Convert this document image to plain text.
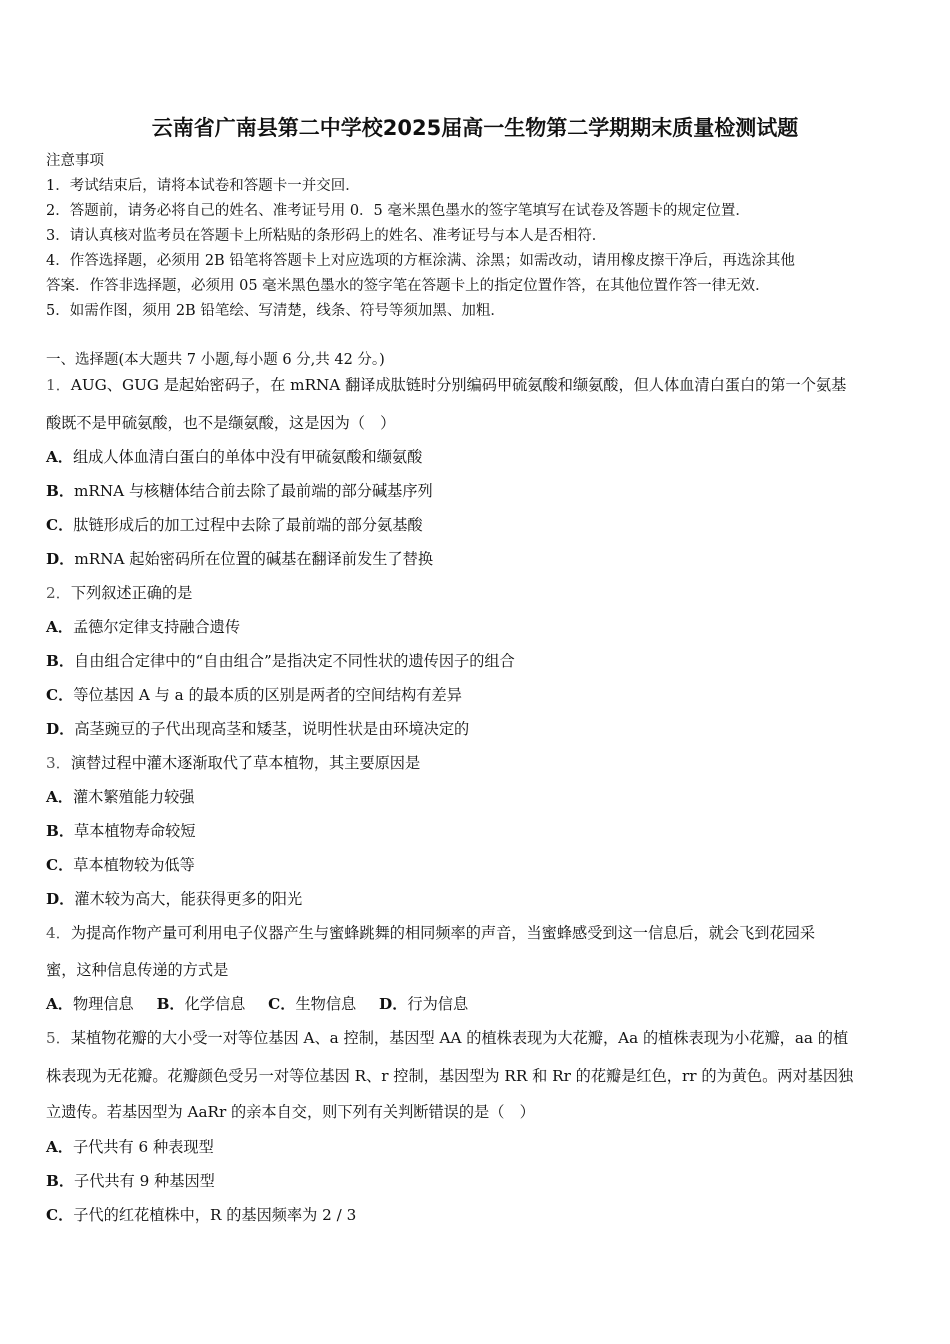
云南省广南县第二中学校2025届高一生物第二学期期末质量检测试题
注意事项
1．考试结束后，请将本试卷和答题卡一并交回．
2．答题前，请务必将自己的姓名、准考证号用 0．5 毫米黑色墨水的签字笔填写在试卷及答题卡的规定位置．
3．请认真核对监考员在答题卡上所粘贴的条形码上的姓名、准考证号与本人是否相符．
4．作答选择题，必须用 2B 铅笔将答题卡上对应选项的方框涂满、涂黑；如需改动，请用橡皮擦干净后，再选涂其他
答案．作答非选择题，必须用 05 毫米黑色墨水的签字笔在答题卡上的指定位置作答，在其他位置作答一律无效．
5．如需作图，须用 2B 铅笔绘、写清楚，线条、符号等须加黑、加粗．
一、选择题(本大题共 7 小题,每小题 6 分,共 42 分。)
1．AUG、GUG 是起始密码子，在 mRNA 翻译成肽链时分别编码甲硫氨酸和缬氨酸，但人体血清白蛋白的第一个氨基
酸既不是甲硫氨酸，也不是缬氨酸，这是因为（　）
A．组成人体血清白蛋白的单体中没有甲硫氨酸和缬氨酸
B．mRNA 与核糖体结合前去除了最前端的部分碱基序列
C．肽链形成后的加工过程中去除了最前端的部分氨基酸
D．mRNA 起始密码所在位置的碱基在翻译前发生了替换
2．下列叙述正确的是
A．孟德尔定律支持融合遗传
B．自由组合定律中的“自由组合”是指决定不同性状的遗传因子的组合
C．等位基因 A 与 a 的最本质的区别是两者的空间结构有差异
D．高茎豌豆的子代出现高茎和矮茎，说明性状是由环境决定的
3．演替过程中灌木逐渐取代了草本植物，其主要原因是
A．灌木繁殖能力较强
B．草本植物寿命较短
C．草本植物较为低等
D．灌木较为高大，能获得更多的阳光
4．为提高作物产量可利用电子仪器产生与蜜蜂跳舞的相同频率的声音，当蜜蜂感受到这一信息后，就会飞到花园采
蜜，这种信息传递的方式是
A．物理信息 B．化学信息 C．生物信息 D．行为信息
5．某植物花瓣的大小受一对等位基因 A、a 控制，基因型 AA 的植株表现为大花瓣，Aa 的植株表现为小花瓣，aa 的植
株表现为无花瓣。花瓣颜色受另一对等位基因 R、r 控制，基因型为 RR 和 Rr 的花瓣是红色，rr 的为黄色。两对基因独
立遗传。若基因型为 AaRr 的亲本自交，则下列有关判断错误的是（　）
A．子代共有 6 种表现型
B．子代共有 9 种基因型
C．子代的红花植株中，R 的基因频率为 2 / 3
